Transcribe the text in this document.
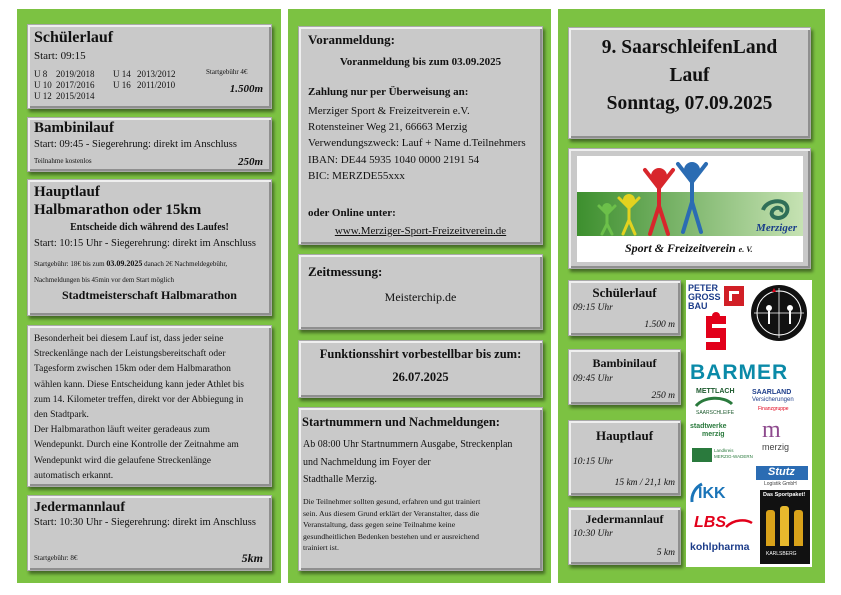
Schülerlauf
Start: 09:15
U 8 2019/2018
U 10 2017/2016
U 12 2015/2014
U 14 2013/2012
U 16 2011/2010
Startgebühr 4€
1.500m
Bambinilauf
Start: 09:45 - Siegerehrung: direkt im Anschluss
Teilnahme kostenlos	250m
Hauptlauf
Halbmarathon oder 15km
Entscheide dich während des Laufes!
Start: 10:15 Uhr - Siegerehrung: direkt im Anschluss
Startgebühr: 18€ bis zum 03.09.2025 danach 2€ Nachmeldegebühr,
Nachmeldungen bis 45min vor dem Start möglich
Stadtmeisterschaft Halbmarathon
Besonderheit bei diesem Lauf ist, dass jeder seine
Streckenlänge nach der Leistungsbereitschaft oder
Tagesform zwischen 15km oder dem Halbmarathon
wählen kann. Diese Entscheidung kann jeder Athlet bis
zum 14. Kilometer treffen, direkt vor der Abbiegung in
den Stadtpark.
Der Halbmarathon läuft weiter geradeaus zum
Wendepunkt. Durch eine Kontrolle der Zeitnahme am
Wendepunkt wird die gelaufene Streckenlänge
automatisch erkannt.
Jedermannlauf
Start: 10:30 Uhr - Siegerehrung: direkt im Anschluss
Startgebühr: 8€	5km
Voranmeldung:
Voranmeldung bis zum 03.09.2025
Zahlung nur per Überweisung an:
Merziger Sport & Freizeitverein e.V.
Rotensteiner Weg 21, 66663 Merzig
Verwendungszweck: Lauf + Name d.Teilnehmers
IBAN: DE44 5935 1040 0000 2191 54
BIC: MERZDE55xxx
oder Online unter:
www.Merziger-Sport-Freizeitverein.de
Zeitmessung:
Meisterchip.de
Funktionsshirt vorbestellbar bis zum:
26.07.2025
Startnummern und Nachmeldungen:
Ab 08:00 Uhr Startnummern Ausgabe, Streckenplan
und Nachmeldung im Foyer der
Stadthalle Merzig.
Die Teilnehmer sollten gesund, erfahren und gut trainiert
sein. Aus diesem Grund erklärt der Veranstalter, dass die
Veranstaltung, dass gegen seine Teilnahme keine
gesundheitlichen Bedenken bestehen und er ausreichend
trainiert ist.
9. SaarschleifenLand
Lauf
Sonntag, 07.09.2025
Merziger
Sport & Freizeitverein e. V.
Schülerlauf
09:15 Uhr
1.500 m
Bambinilauf
09:45 Uhr
250 m
Hauptlauf
10:15 Uhr
15 km / 21,1 km
Jedermannlauf
10:30 Uhr
5 km
PETER
GROSS
BAU
BARMER
METTLACH
SAARSCHLEIFE
SAARLAND
Versicherungen
Finanzgruppe
stadtwerke
merzig m
merzig
Landkreis
MERZIG-WADERN
Stutz
Logistik GmbH
IKK	Das Sportpaket!
KARLSBERG
LBS
kohlpharma
